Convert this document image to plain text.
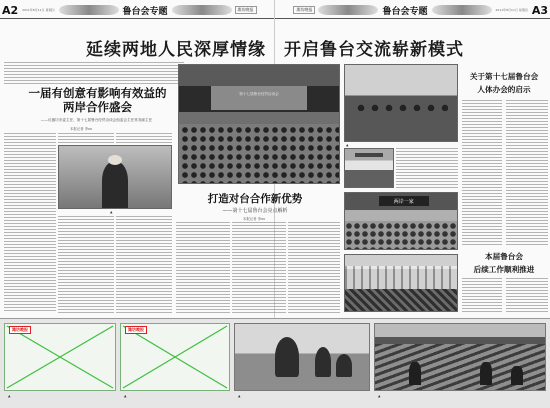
A2 2011年8月11日 星期四	鲁台会专题	潍坊晚报	潍坊晚报	鲁台会专题	2011年8月11日 星期四 A3
延续两地人民深厚情缘　开启鲁台交流崭新模式
一届有创意有影响有效益的
两岸合作盛会
——访潍坊市委主任、第十七届鲁台经贸洽谈会组委会主任常务副主任
本报记者 李xx
▲
第十七届鲁台经贸洽谈会
打造对台合作新优势
——第十七届鲁台会亮点解析
本报记者 李xx
▲
两岸一家
关于第十七届鲁台会
人体办会的启示
本届鲁台会
后续工作顺利推进
潍坊晚报	潍坊晚报
▲	▲	▲	▲
